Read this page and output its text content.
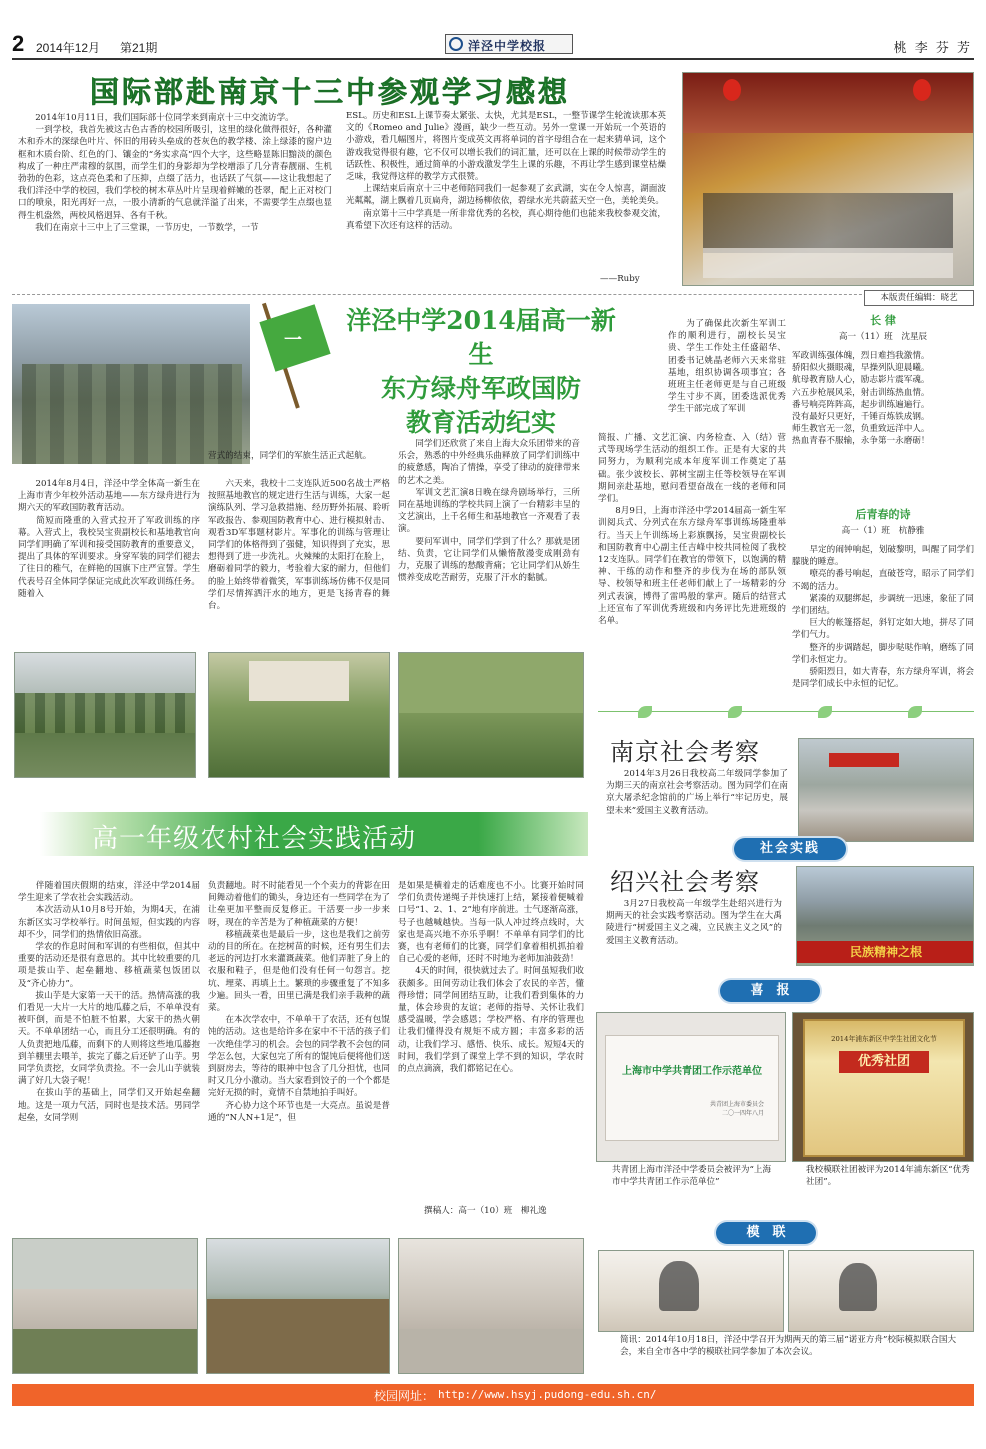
2 2014年12月 第21期	洋泾中学校报	桃 李 芬 芳
国际部赴南京十三中参观学习感想
　　2014年10月11日，我们国际部十位同学来到南京十三中交流访学。
　　一到学校，我首先被这古色古香的校园所吸引，这里的绿化做得很好，各种灌木和乔木的深绿色叶片、怀旧的用砖头垒成的苍灰色的教学楼、涂上绿漆的窗户边框和木质台阶、红色的门、镶金的“务实求高”四个大字，这些略显陈旧黯淡的颜色构成了一种庄严肃穆的氛围，而学生们的身影却为学校增添了几分青春靓丽、生机勃勃的色彩，这点亮色柔和了压抑，点缀了活力，也话跃了气氛——这让我想起了我们洋泾中学的校园，我们学校的树木草丛叶片呈现着鲜嫩的苍翠，配上正对校门口的喷泉，阳光再好一点，一股小清新的气息就洋溢了出来，不需要学生点缀也显得生机盎然，两校风格迥异、各有千秋。
　　我们在南京十三中上了三堂课，一节历史，一节数学，一节
ESL。历史和ESL上课节奏太紧张、太快，尤其是ESL，一整节课学生轮流读那本英文的《Romeo and Julie》漫画，缺少一些互动。另外一堂课一开始玩一个英语的小游戏，看几幅图片，将图片变成英文再将单词的首字母组合在一起来猜单词，这个游戏我觉得很有趣，它不仅可以增长我们的词汇量，还可以在上课的时候带动学生的话跃性、积极性，通过简单的小游戏激发学生上课的乐趣，不再让学生感到课堂枯燥乏味，我觉得这样的教学方式很赞。
　　上课结束后南京十三中老师陪同我们一起参观了玄武湖，实在令人惊喜，湖面波光粼粼，湖上飘着几页扁舟，湖边杨柳依依，碧绿水光共蔚蓝天空一色，美轮美奂。
　　南京第十三中学真是一所非常优秀的名校，真心期待他们也能来我校参观交流，真希望下次还有这样的活动。
——Ruby
本版责任编辑：晓艺
一
洋泾中学2014届高一新生
东方绿舟军政国防
教育活动纪实
　　2014年8月4日，洋泾中学全体高一新生在上海市青少年校外活动基地——东方绿舟进行为期六天的军政国防教育活动。
　　简短而隆重的入营式拉开了军政训练的序幕。入营式上，我校吴宝贵副校长和基地教官向同学们明确了军训和接受国防教育的重要意义，提出了具体的军训要求。身穿军装的同学们褪去了往日的稚气，在鲜艳的国旗下庄严宣誓。学生代表号召全体同学保证完成此次军政训练任务。随着入
营式的结束，同学们的军旅生活正式起航。
　　六天来，我校十二支连队近500名战士严格按照基地教官的规定进行生活与训练，大家一起演练队列、学习急救措施、经历野外拓展、聆听军政报告、参观国防教育中心、进行模拟射击、观看3D军事题材影片。军事化的训练与管理让同学们的体格得到了强健，知识得到了充实，思想得到了进一步洗礼。火辣辣的太阳打在脸上，磨砺着同学的毅力，考验着大家的耐力，但他们的脸上始终带着微笑，军事训练场仿佛不仅是同学们尽情挥洒汗水的地方，更是飞扬青春的舞台。
　　同学们还欣赏了来自上海大众乐团带来的音乐会，熟悉的中外经典乐曲释放了同学们训练中的疲惫感，陶冶了情操，享受了律动的旋律带来的艺术之美。
　　军训文艺汇演8日晚在绿舟剧场举行，三所同在基地训练的学校共同上演了一台精彩丰呈的文艺演出，上千名师生和基地教官一齐观看了表演。
　　要问军训中，同学们学到了什么？那就是团结、负责，它让同学们从懒惰散漫变成刚劲有力，克服了训练的愁酸背痛；它让同学们从娇生惯养变成吃苦耐劳，克服了汗水的黏腻。
　　为了确保此次新生军训工作的顺利进行，副校长吴宝贵、学生工作处主任盛韶华、团委书记姚晶老师六天来常驻基地，组织协调各项事宜；各班班主任老师更是与自己班级学生寸步不离，团委选派优秀学生干部完成了军训
简报、广播、文艺汇演、内务检查、入（结）营式等现场学生活动的组织工作。正是有大家的共同努力，为顺利完成本年度军训工作奠定了基础。张少波校长、郭树宝副主任等校领导在军训期间亲赴基地，慰问看望奋战在一线的老师和同学们。
　　8月9日，上海市洋泾中学2014届高一新生军训阅兵式、分列式在东方绿舟军事训练场隆重举行。当天上午训练场上彩旗飘扬，吴宝贵副校长和国防教育中心副主任吉峰中校共同检阅了我校12支连队。同学们在教官的带领下，以饱满的精神、干练的动作和整齐的步伐为在场的部队领导、校领导和班主任老师们献上了一场精彩的分列式表演，博得了雷鸣般的掌声。随后的结营式上还宣布了军训优秀班级和内务评比先进班级的名单。
长 律
高一（11）班　沈星辰
军政训练强体魄，烈日难挡我激情。
骄阳似火摄眼魂，早操列队迎晨曦。
航母教育励人心，励志影片震军魂。
六五步枪展风采，射击训练热血情。
番号响亮阵阵高，起步训练遍遍行。
没有最好只更好，千锤百炼铁成钢。
师生教官无一忽，负重致远洋中人。
热血青春不服输，永争第一永磨砺！
后青春的诗
高一（1）班　杭静雅
　　早定的闹钟响起，划破黎明，叫醒了同学们朦胧的睡意。
　　嘹亮的番号响起，直破苍穹，昭示了同学们不竭的活力。
　　紧凑的双腿绑起，步调统一迅速，象征了同学们团结。
　　巨大的帐篷搭起，斜钉定如大地，拼尽了同学们气力。
　　整齐的步调踏起，脚步哒哒作响，磨练了同学们永恒定力。
　　骄阳烈日，如大青春，东方绿舟军训，将会是同学们成长中永恒的记忆。
南京社会考察
　　2014年3月26日我校高二年级同学参加了为期三天的南京社会考察活动。图为同学们在南京大屠杀纪念馆前的广场上举行“牢记历史，展望未来”爱国主义教育活动。
社会实践
绍兴社会考察
　　3月27日我校高一年级学生赴绍兴进行为期两天的社会实践考察活动。图为学生在大禹陵进行“树爱国主义之魂，立民族主义之风”的爱国主义教育活动。
民族精神之根
喜　报
上海市中学共青团工作示范单位
共青团上海市委员会
二〇一四年八月
2014年浦东新区中学生社团文化节
优秀社团
共青团上海市洋泾中学委员会被评为“上海市中学共青团工作示范单位”
我校模联社团被评为2014年浦东新区“优秀社团”。
模　联
简讯：2014年10月18日，洋泾中学召开为期两天的第三届“诺亚方舟”校际模拟联合国大会，来自全市各中学的模联社同学参加了本次会议。
高一年级农村社会实践活动
　　伴随着国庆假期的结束，洋泾中学2014届学生迎来了学农社会实践活动。
　　本次活动从10月8号开始，为期4天，在浦东新区实习学校举行。时间虽短，但实践的内容却不少，同学们的热情依旧高涨。
　　学农的作息时间和军训的有些相似，但其中重要的活动还是很有意思的。其中比较重要的几项是拔山芋、起垒翻地、移植蔬菜包饭团以及“齐心协力”。
　　拔山芋是大家第一天干的活。热情高涨的我们看见一大片一大片的地瓜藤之后，不单单没有被吓倒，而是不怕脏不怕累，大家干的热火朝天。不单单团结一心，而且分工还很明确。有的人负责把地瓜藤，而剩下的人则将这些地瓜藤抱到羊棚里去喂羊，拔完了藤之后还铲了山芋。男同学负责挖，女同学负责捡。不一会儿山芋就装满了好几大袋子呢！
　　在拔山芋的基础上，同学们又开始起垒翻地。这是一项力气活，同时也是技术活。男同学起垒，女同学则
负责翻地。时不时能看见一个个卖力的背影在田间舞动着他们的锄头，身边还有一些同学在为了让垒更加平整而反复修正。干活要一步一步来呀，现在的辛苦是为了种植蔬菜的方便！
　　移植蔬菜也是最后一步，这也是我们之前劳动的目的所在。在挖树苗的时候，还有男生们去老远的河边打水来灌溉蔬菜。他们弄脏了身上的衣服和鞋子，但是他们没有任何一句怨言。挖坑、埋菜、再填上土。繁琐的步骤重复了不知多少遍。回头一看，田里已满是我们亲手栽种的蔬菜。
　　在本次学农中，不单单干了农活，还有包馄饨的活动。这也是给许多在家中不干活的孩子们一次绝佳学习的机会。会包的同学教不会包的同学怎么包，大家包完了所有的馄饨后便将他们送到厨房去，等待的眼神中包含了几分担忧，也同时又几分小激动。当大家看到饺子的一个个都是完好无损的时，竟情不自禁地拍手叫好。
　　齐心协力这个环节也是一大亮点。虽说是普通的“N人N+1足”，但
是如果是横着走的话难度也不小。比赛开始时同学们负责传递绳子并快速打上结，紧接着便喊着口号“1、2、1、2”地有序前进。士气逐渐高涨，号子也越喊越快。当每一队人冲过终点线时，大家也是高兴地不亦乐乎啊！不单单有同学们的比赛，也有老师们的比赛，同学们拿着相机抓拍着自己心爱的老师，还时不时地为老师加油鼓劲！
　　4天的时间，很快就过去了。时间虽短我们收获颇多。田间劳动让我们体会了农民的辛苦，懂得珍惜；同学间团结互助，让我们看到集体的力量，体会珍贵的友谊；老师的指导、关怀让我们感受温暖，学会感恩；学校严格、有序的管理也让我们懂得没有规矩不成方圆；丰富多彩的活动，让我们学习、感悟、快乐、成长。短短4天的时间，我们学到了课堂上学不到的知识，学农时的点点滴滴，我们都铭记在心。
撰稿人：高一（10）班　柳礼逸
校园网址： http://www.hsyj.pudong-edu.sh.cn/
